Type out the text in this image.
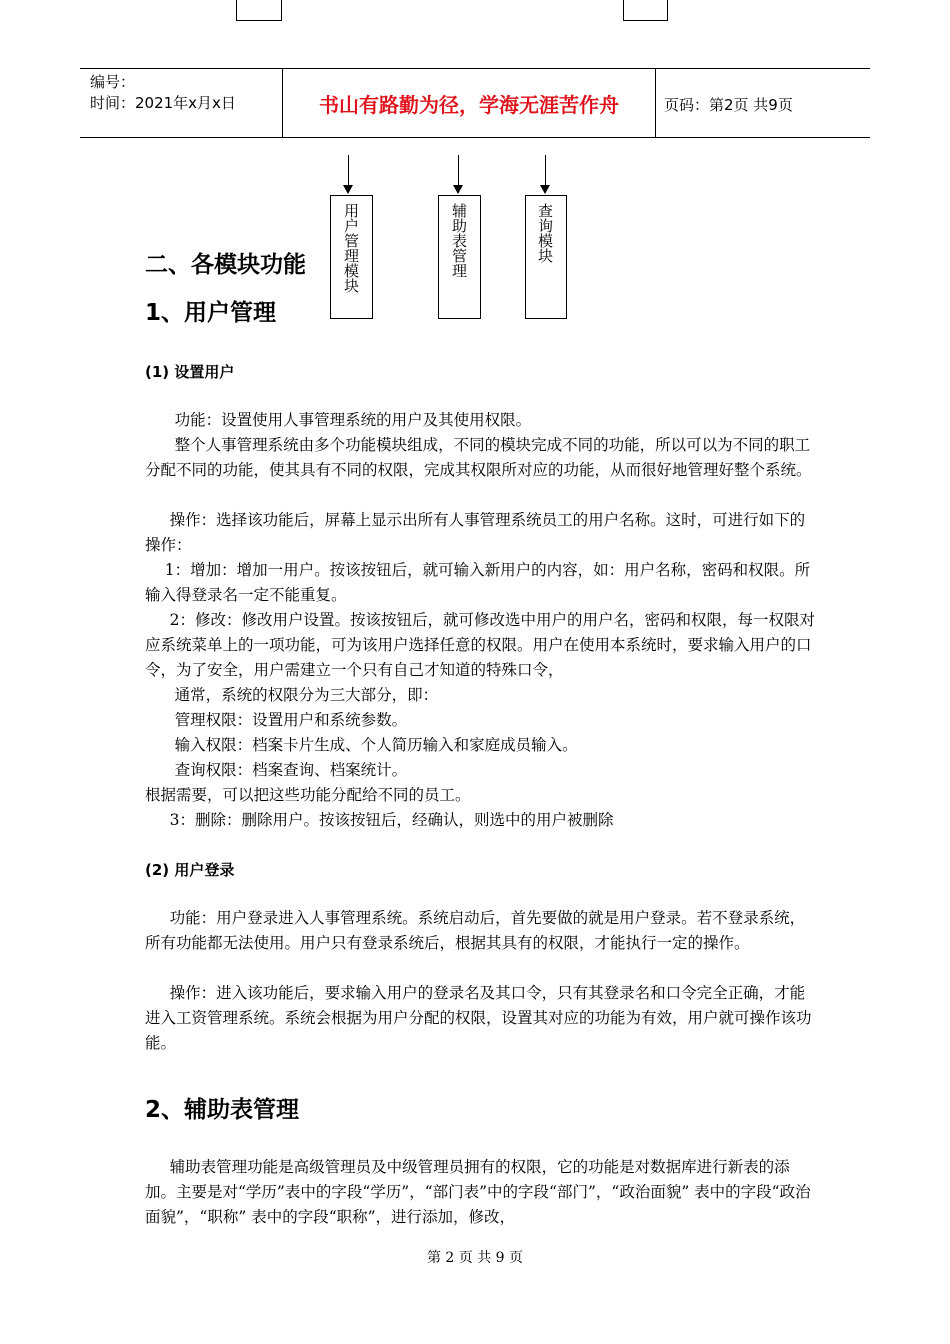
编号：
时间：2021年x月x日	书山有路勤为径，学海无涯苦作舟	页码：第2页 共9页
用户管理模块	辅助表管理	查询模块
二、各模块功能
1、用户管理
(1) 设置用户
功能：设置使用人事管理系统的用户及其使用权限。
整个人事管理系统由多个功能模块组成，不同的模块完成不同的功能，所以可以为不同的职工分配不同的功能，使其具有不同的权限，完成其权限所对应的功能，从而很好地管理好整个系统。
操作：选择该功能后，屏幕上显示出所有人事管理系统员工的用户名称。这时，可进行如下的操作：
1：增加：增加一用户。按该按钮后，就可输入新用户的内容，如：用户名称，密码和权限。所输入得登录名一定不能重复。
2：修改：修改用户设置。按该按钮后，就可修改选中用户的用户名，密码和权限，每一权限对应系统菜单上的一项功能，可为该用户选择任意的权限。用户在使用本系统时，要求输入用户的口令，为了安全，用户需建立一个只有自己才知道的特殊口令，
通常，系统的权限分为三大部分，即：
管理权限：设置用户和系统参数。
输入权限：档案卡片生成、个人简历输入和家庭成员输入。
查询权限：档案查询、档案统计。
根据需要，可以把这些功能分配给不同的员工。
3：删除：删除用户。按该按钮后，经确认，则选中的用户被删除
(2) 用户登录
功能：用户登录进入人事管理系统。系统启动后，首先要做的就是用户登录。若不登录系统，所有功能都无法使用。用户只有登录系统后，根据其具有的权限，才能执行一定的操作。
操作：进入该功能后，要求输入用户的登录名及其口令，只有其登录名和口令完全正确，才能进入工资管理系统。系统会根据为用户分配的权限，设置其对应的功能为有效，用户就可操作该功能。
2、辅助表管理
辅助表管理功能是高级管理员及中级管理员拥有的权限，它的功能是对数据库进行新表的添加。主要是对“学历”表中的字段“学历”，“部门表”中的字段“部门”，“政治面貌” 表中的字段“政治面貌”，“职称” 表中的字段“职称”，进行添加，修改，
第 2 页 共 9 页
